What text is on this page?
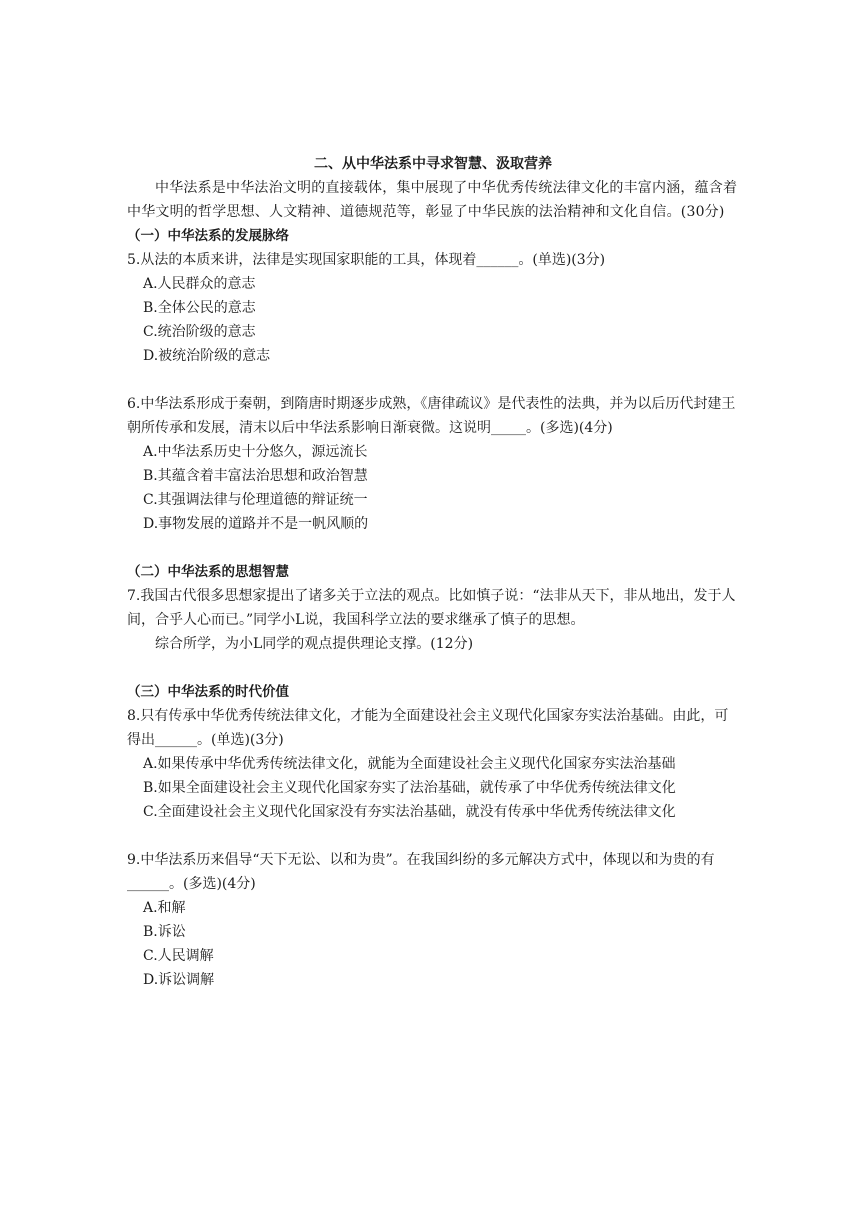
二、从中华法系中寻求智慧、汲取营养

中华法系是中华法治文明的直接载体，集中展现了中华优秀传统法律文化的丰富内涵，蕴含着中华文明的哲学思想、人文精神、道德规范等，彰显了中华民族的法治精神和文化自信。(30分)

（一）中华法系的发展脉络

5.从法的本质来讲，法律是实现国家职能的工具，体现着______。(单选)(3分)

A.人民群众的意志
B.全体公民的意志
C.统治阶级的意志
D.被统治阶级的意志

6.中华法系形成于秦朝，到隋唐时期逐步成熟，《唐律疏议》是代表性的法典，并为以后历代封建王朝所传承和发展，清末以后中华法系影响日渐衰微。这说明_____。(多选)(4分)

A.中华法系历史十分悠久，源远流长
B.其蕴含着丰富法治思想和政治智慧
C.其强调法律与伦理道德的辩证统一
D.事物发展的道路并不是一帆风顺的
（二）中华法系的思想智慧

7.我国古代很多思想家提出了诸多关于立法的观点。比如慎子说：“法非从天下，非从地出，发于人间，合乎人心而已。”同学小L说，我国科学立法的要求继承了慎子的思想。

综合所学，为小L同学的观点提供理论支撑。(12分)

（三）中华法系的时代价值

8.只有传承中华优秀传统法律文化，才能为全面建设社会主义现代化国家夯实法治基础。由此，可得出______。(单选)(3分)

A.如果传承中华优秀传统法律文化，就能为全面建设社会主义现代化国家夯实法治基础
B.如果全面建设社会主义现代化国家夯实了法治基础，就传承了中华优秀传统法律文化
C.全面建设社会主义现代化国家没有夯实法治基础，就没有传承中华优秀传统法律文化

9.中华法系历来倡导“天下无讼、以和为贵”。在我国纠纷的多元解决方式中，体现以和为贵的有______。(多选)(4分)

A.和解
B.诉讼
C.人民调解
D.诉讼调解
